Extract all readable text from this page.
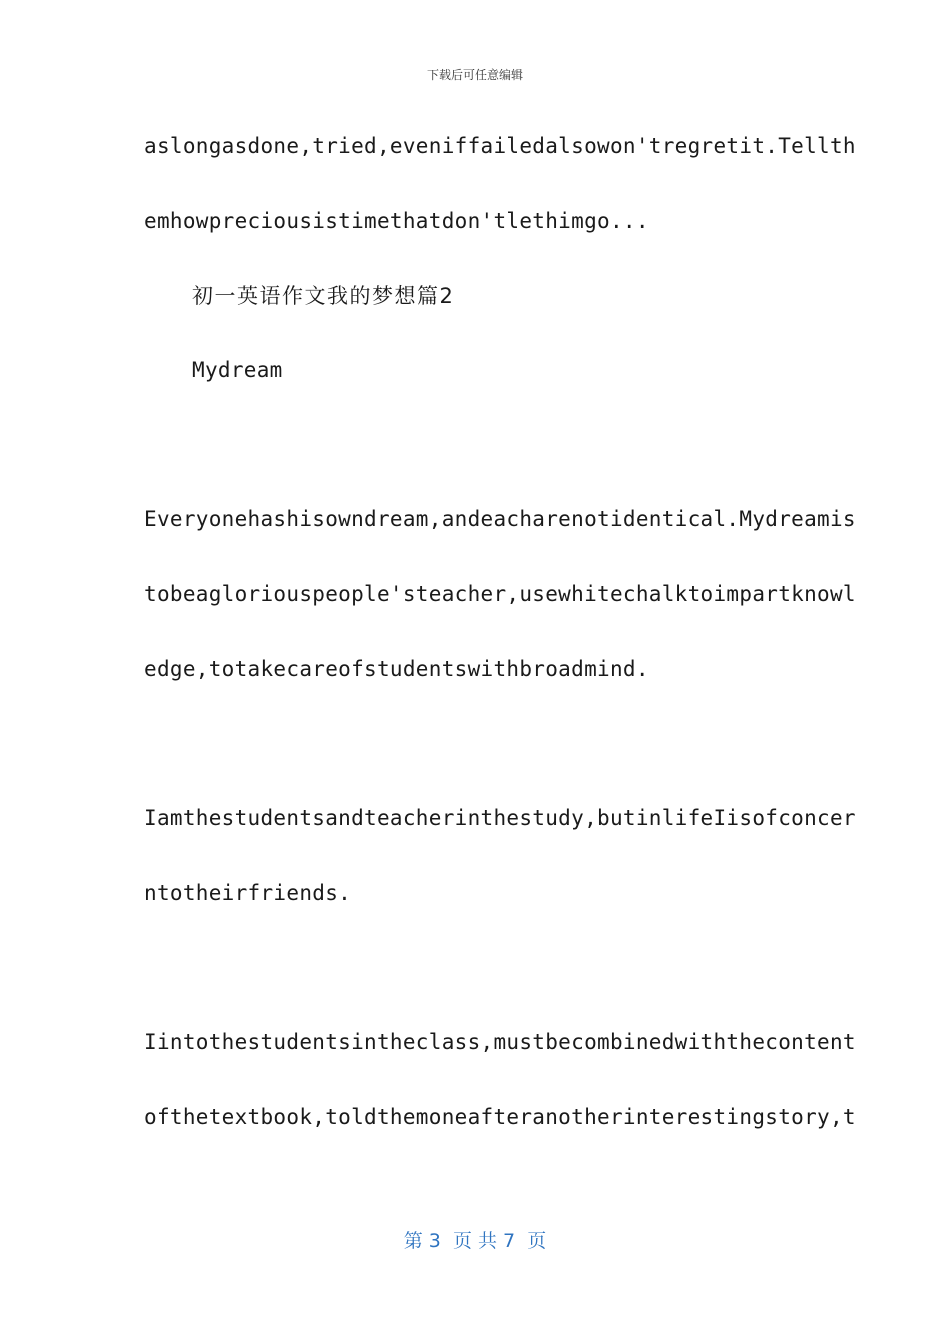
下载后可任意编辑
aslongasdone,tried,eveniffailedalsowon'tregretit.Tellth
emhowpreciousistimethatdon'tlethimgo...
初一英语作文我的梦想篇2
Mydream
Everyonehashisowndream,andeacharenotidentical.Mydreamis
tobeagloriouspeople'steacher,usewhitechalktoimpartknowl
edge,totakecareofstudentswithbroadmind.
Iamthestudentsandteacherinthestudy,butinlifeIisofconcer
ntotheirfriends.
Iintothestudentsintheclass,mustbecombinedwiththecontent
ofthetextbook,toldthemoneafteranotherinterestingstory,t
第 3  页 共 7  页
